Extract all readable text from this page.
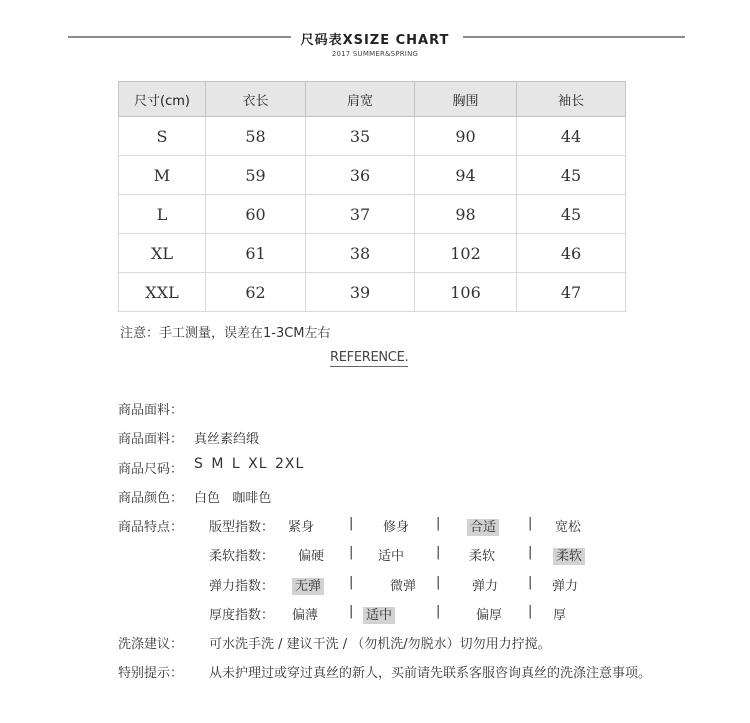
尺码表XSIZE CHART
2017 SUMMER&SPRING
尺寸(cm)	衣长	肩宽	胸围	袖长
S	58	35	90	44
M	59	36	94	45
L	60	37	98	45
XL	61	38	102	46
XXL	62	39	106	47
注意：手工测量，误差在1-3CM左右
REFERENCE.
商品面料：
商品面料： 真丝素绉缎
商品尺码： S M L XL 2XL
商品颜色： 白色   咖啡色
商品特点： 版型指数： 紧身	修身	合适	宽松
|	|	|
柔软指数： 偏硬	适中	柔软	柔软
|	|	|
弹力指数： 无弹	微弹	弹力	弹力
|	|	|
厚度指数： 偏薄	适中	偏厚	厚
|	|	|
洗涤建议： 可水洗手洗 / 建议干洗 / （勿机洗/勿脱水）切勿用力拧搅。
特别提示： 从未护理过或穿过真丝的新人，买前请先联系客服咨询真丝的洗涤注意事项。
